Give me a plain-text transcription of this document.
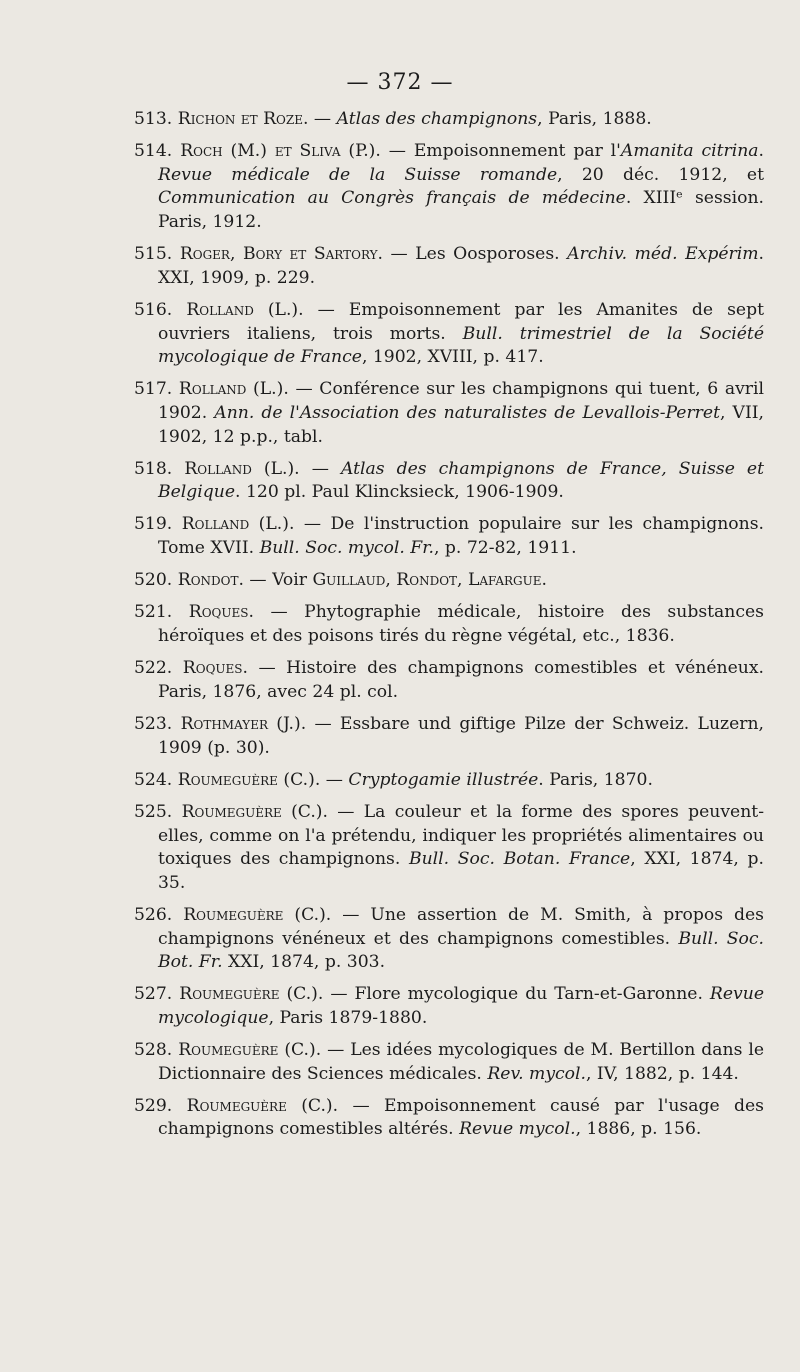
— 372 —
513. Richon et Roze. — Atlas des champignons, Paris, 1888.
514. Roch (M.) et Sliva (P.). — Empoisonnement par l'Amanita citrina. Revue médicale de la Suisse romande, 20 déc. 1912, et Communication au Congrès français de médecine. XIIIᵉ session. Paris, 1912.
515. Roger, Bory et Sartory. — Les Oosporoses. Archiv. méd. Expérim. XXI, 1909, p. 229.
516. Rolland (L.). — Empoisonnement par les Amanites de sept ouvriers italiens, trois morts. Bull. trimestriel de la Société mycologique de France, 1902, XVIII, p. 417.
517. Rolland (L.). — Conférence sur les champignons qui tuent, 6 avril 1902. Ann. de l'Association des naturalistes de Levallois-Perret, VII, 1902, 12 p.p., tabl.
518. Rolland (L.). — Atlas des champignons de France, Suisse et Belgique. 120 pl. Paul Klincksieck, 1906-1909.
519. Rolland (L.). — De l'instruction populaire sur les champignons. Tome XVII. Bull. Soc. mycol. Fr., p. 72-82, 1911.
520. Rondot. — Voir Guillaud, Rondot, Lafargue.
521. Roques. — Phytographie médicale, histoire des substances héroïques et des poisons tirés du règne végétal, etc., 1836.
522. Roques. — Histoire des champignons comestibles et vénéneux. Paris, 1876, avec 24 pl. col.
523. Rothmayer (J.). — Essbare und giftige Pilze der Schweiz. Luzern, 1909 (p. 30).
524. Roumeguère (C.). — Cryptogamie illustrée. Paris, 1870.
525. Roumeguère (C.). — La couleur et la forme des spores peuvent-elles, comme on l'a prétendu, indiquer les propriétés alimentaires ou toxiques des champignons. Bull. Soc. Botan. France, XXI, 1874, p. 35.
526. Roumeguère (C.). — Une assertion de M. Smith, à propos des champignons vénéneux et des champignons comestibles. Bull. Soc. Bot. Fr. XXI, 1874, p. 303.
527. Roumeguère (C.). — Flore mycologique du Tarn-et-Garonne. Revue mycologique, Paris 1879-1880.
528. Roumeguère (C.). — Les idées mycologiques de M. Bertillon dans le Dictionnaire des Sciences médicales. Rev. mycol., IV, 1882, p. 144.
529. Roumeguère (C.). — Empoisonnement causé par l'usage des champignons comestibles altérés. Revue mycol., 1886, p. 156.
